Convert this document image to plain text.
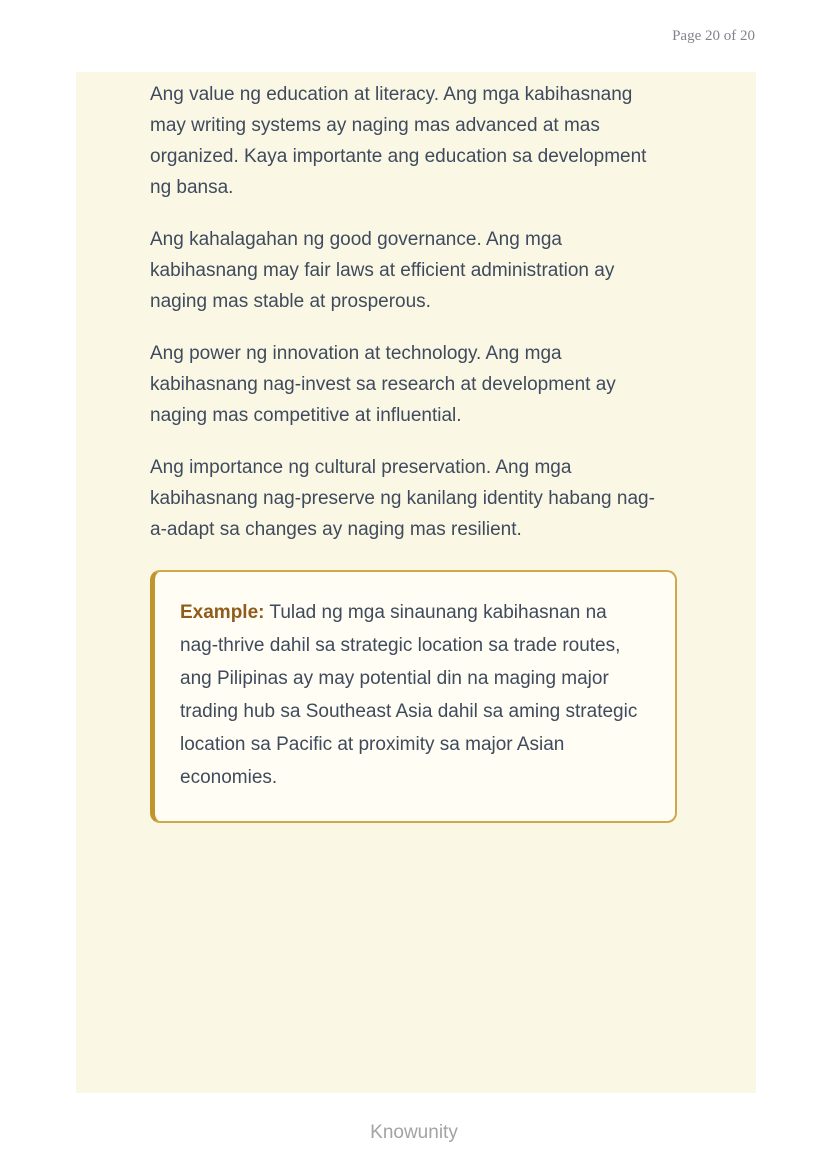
Page 20 of 20

Ang value ng education at literacy. Ang mga kabihasnang may writing systems ay naging mas advanced at mas organized. Kaya importante ang education sa development ng bansa.

Ang kahalagahan ng good governance. Ang mga kabihasnang may fair laws at efficient administration ay naging mas stable at prosperous.

Ang power ng innovation at technology. Ang mga kabihasnang nag-invest sa research at development ay naging mas competitive at influential.

Ang importance ng cultural preservation. Ang mga kabihasnang nag-preserve ng kanilang identity habang nag-a-adapt sa changes ay naging mas resilient.

Example: Tulad ng mga sinaunang kabihasnan na nag-thrive dahil sa strategic location sa trade routes, ang Pilipinas ay may potential din na maging major trading hub sa Southeast Asia dahil sa aming strategic location sa Pacific at proximity sa major Asian economies.
Knowunity
